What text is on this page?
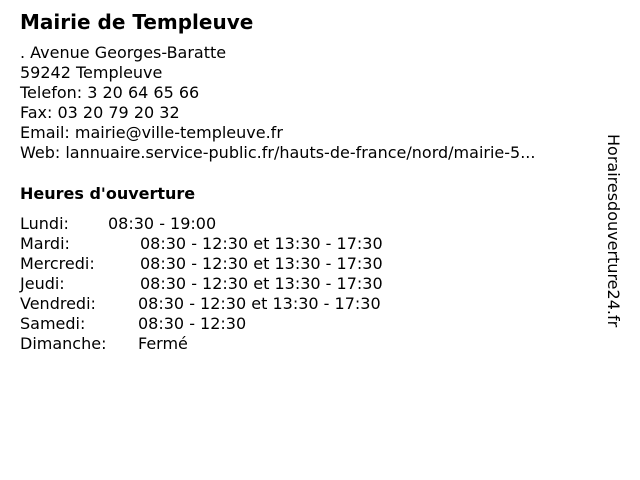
Mairie de Templeuve
. Avenue Georges-Baratte
59242 Templeuve
Telefon: 3 20 64 65 66
Fax: 03 20 79 20 32
Email: mairie@ville-templeuve.fr
Web: lannuaire.service-public.fr/hauts-de-france/nord/mairie-5...
Heures d'ouverture
Lundi: 08:30 - 19:00
Mardi:	08:30 - 12:30 et 13:30 - 17:30
Mercredi:	08:30 - 12:30 et 13:30 - 17:30
Jeudi:	08:30 - 12:30 et 13:30 - 17:30
Vendredi:	08:30 - 12:30 et 13:30 - 17:30
Samedi:	08:30 - 12:30
Dimanche: Fermé
Horairesdouverture24.fr
